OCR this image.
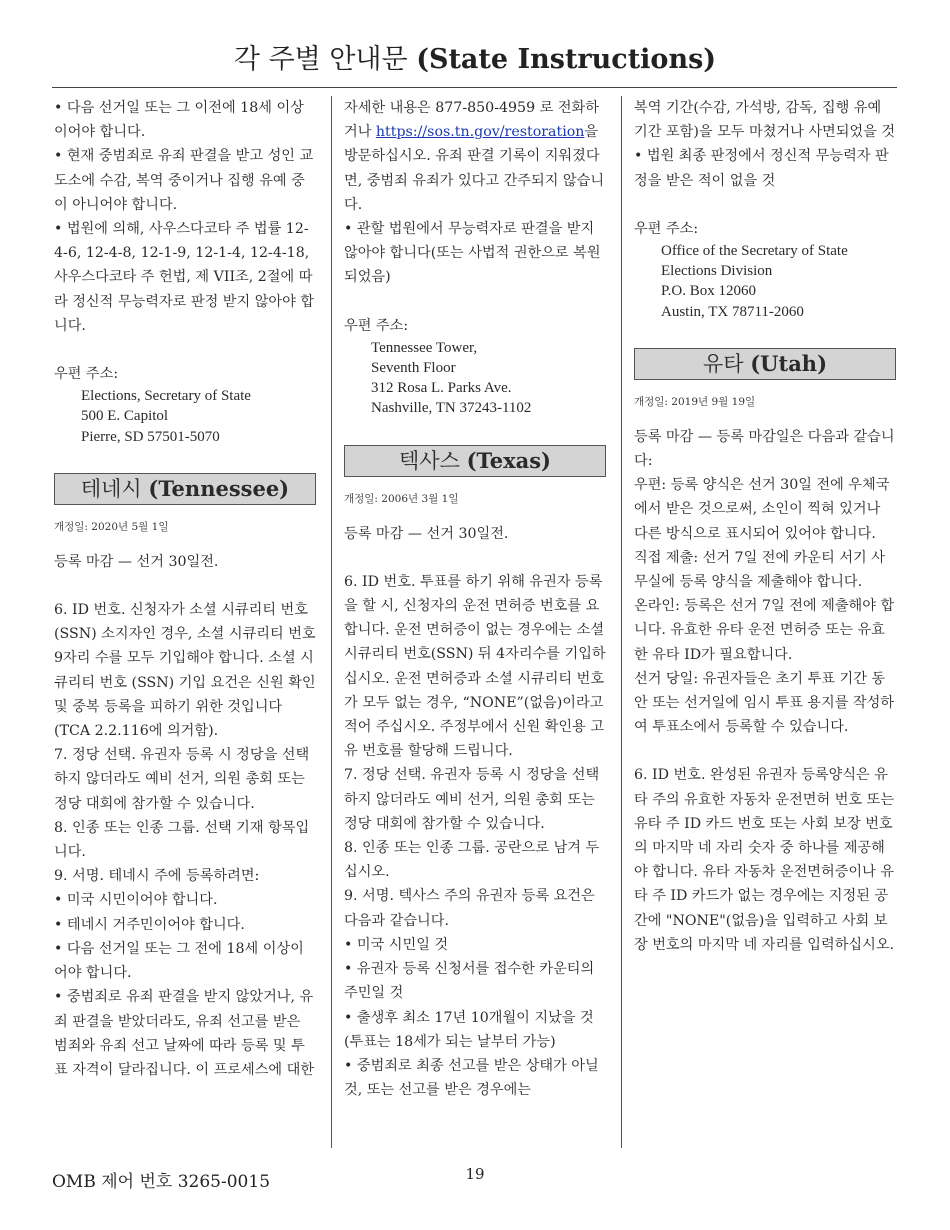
각 주별 안내문 (State Instructions)

• 다음 선거일 또는 그 이전에 18세 이상이어야 합니다.

• 현재 중범죄로 유죄 판결을 받고 성인 교도소에 수감, 복역 중이거나 집행 유예 중이 아니어야 합니다.

• 법원에 의해, 사우스다코타 주 법률 12-4-6, 12-4-8, 12-1-9, 12-1-4, 12-4-18, 사우스다코타 주 헌법, 제 VII조, 2절에 따라 정신적 무능력자로 판정 받지 않아야 합니다.

우편 주소:

Elections, Secretary of State
500 E. Capitol
Pierre, SD 57501-5070
테네시 (Tennessee)
개정일: 2020년 5월 1일

등록 마감 — 선거 30일전.

6. ID 번호. 신청자가 소셜 시큐리티 번호(SSN) 소지자인 경우, 소셜 시큐리티 번호 9자리 수를 모두 기입해야 합니다. 소셜 시큐리티 번호 (SSN) 기입 요건은 신원 확인 및 중복 등록을 피하기 위한 것입니다 (TCA 2.2.116에 의거함).

7. 정당 선택. 유권자 등록 시 정당을 선택하지 않더라도 예비 선거, 의원 총회 또는 정당 대회에 참가할 수 있습니다.

8. 인종 또는 인종 그룹. 선택 기재 항목입니다.

9. 서명. 테네시 주에 등록하려면:

• 미국 시민이어야 합니다.

• 테네시 거주민이어야 합니다.

• 다음 선거일 또는 그 전에 18세 이상이어야 합니다.

• 중범죄로 유죄 판결을 받지 않았거나, 유죄 판결을 받았더라도, 유죄 선고를 받은 범죄와 유죄 선고 날짜에 따라 등록 및 투표 자격이 달라집니다. 이 프로세스에 대한

자세한 내용은 877-850-4959 로 전화하거나 https://sos.tn.gov/restoration을 방문하십시오. 유죄 판결 기록이 지워졌다면, 중범죄 유죄가 있다고 간주되지 않습니다.

• 관할 법원에서 무능력자로 판결을 받지 않아야 합니다(또는 사법적 권한으로 복원되었음)

우편 주소:

Tennessee Tower,
Seventh Floor
312 Rosa L. Parks Ave.
Nashville, TN 37243-1102
텍사스 (Texas)
개정일: 2006년 3월 1일

등록 마감 — 선거 30일전.

6. ID 번호. 투표를 하기 위해 유권자 등록을 할 시, 신청자의 운전 면허증 번호를 요합니다. 운전 면허증이 없는 경우에는 소셜 시큐리티 번호(SSN) 뒤 4자리수를 기입하십시오. 운전 면허증과 소셜 시큐리티 번호가 모두 없는 경우, “NONE”(없음)이라고 적어 주십시오. 주정부에서 신원 확인용 고유 번호를 할당해 드립니다.

7. 정당 선택. 유권자 등록 시 정당을 선택하지 않더라도 예비 선거, 의원 총회 또는 정당 대회에 참가할 수 있습니다.

8. 인종 또는 인종 그룹. 공란으로 남겨 두십시오.

9. 서명. 텍사스 주의 유권자 등록 요건은 다음과 같습니다.

• 미국 시민일 것

• 유권자 등록 신청서를 접수한 카운티의 주민일 것

• 출생후 최소 17년 10개월이 지났을 것 (투표는 18세가 되는 날부터 가능)

• 중범죄로 최종 선고를 받은 상태가 아닐 것, 또는 선고를 받은 경우에는

복역 기간(수감, 가석방, 감독, 집행 유예 기간 포함)을 모두 마쳤거나 사면되었을 것

• 법원 최종 판정에서 정신적 무능력자 판정을 받은 적이 없을 것

우편 주소:

Office of the Secretary of State
Elections Division
P.O. Box 12060
Austin, TX 78711-2060
유타 (Utah)
개정일: 2019년 9월 19일

등록 마감 — 등록 마감일은 다음과 같습니다:

우편: 등록 양식은 선거 30일 전에 우체국에서 받은 것으로써, 소인이 찍혀 있거나 다른 방식으로 표시되어 있어야 합니다.

직접 제출: 선거 7일 전에 카운티 서기 사무실에 등록 양식을 제출해야 합니다.

온라인: 등록은 선거 7일 전에 제출해야 합니다. 유효한 유타 운전 면허증 또는 유효한 유타 ID가 필요합니다.

선거 당일: 유권자들은 초기 투표 기간 동안 또는 선거일에 임시 투표 용지를 작성하여 투표소에서 등록할 수 있습니다.

6. ID 번호. 완성된 유권자 등록양식은 유타 주의 유효한 자동차 운전면허 번호 또는 유타 주 ID 카드 번호 또는 사회 보장 번호의 마지막 네 자리 숫자 중 하나를 제공해야 합니다. 유타 자동차 운전면허증이나 유타 주 ID 카드가 없는 경우에는 지정된 공간에 "NONE"(없음)을 입력하고 사회 보장 번호의 마지막 네 자리를 입력하십시오.

OMB 제어 번호 3265-0015	19
